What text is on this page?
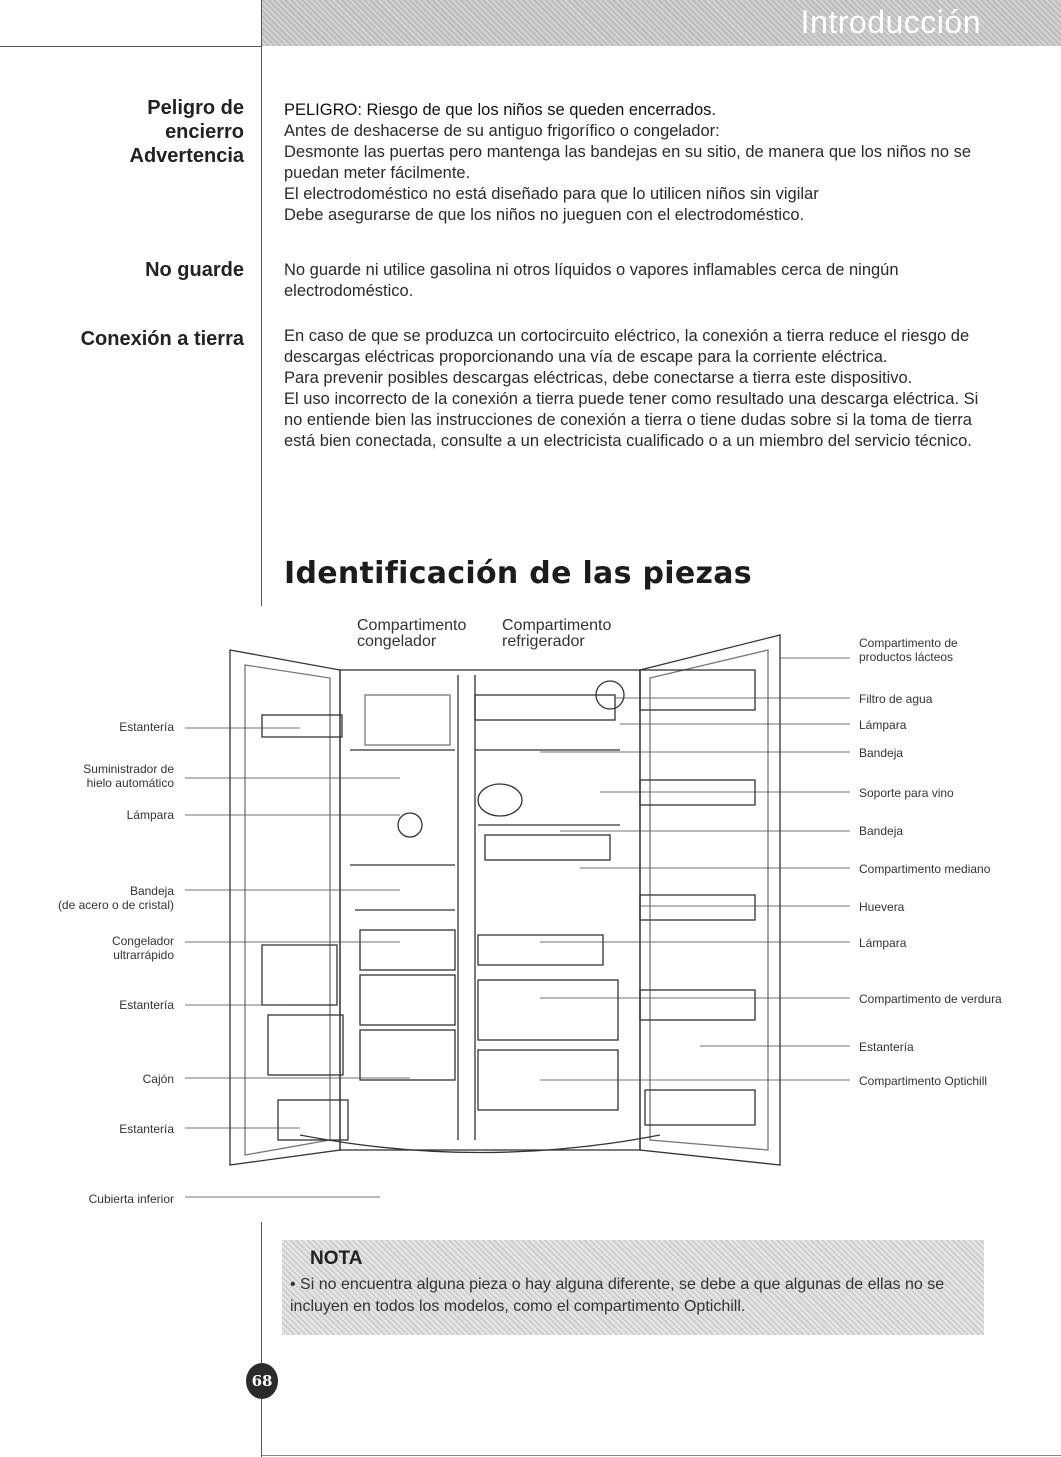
Introducción
Peligro de
encierro
Advertencia

PELIGRO: Riesgo de que los niños se queden encerrados.

Antes de deshacerse de su antiguo frigorífico o congelador:

Desmonte las puertas pero mantenga las bandejas en su sitio, de manera que los niños no se puedan meter fácilmente.

El electrodoméstico no está diseñado para que lo utilicen niños sin vigilar

Debe asegurarse de que los niños no jueguen con el electrodoméstico.

No guarde No guarde ni utilice gasolina ni otros líquidos o vapores inflamables cerca de ningún electrodoméstico.

Conexión a tierra En caso de que se produzca un cortocircuito eléctrico, la conexión a tierra reduce el riesgo de descargas eléctricas proporcionando una vía de escape para la corriente eléctrica.

Para prevenir posibles descargas eléctricas, debe conectarse a tierra este dispositivo.

El uso incorrecto de la conexión a tierra puede tener como resultado una descarga eléctrica. Si no entiende bien las instrucciones de conexión a tierra o tiene dudas sobre si la toma de tierra está bien conectada, consulte a un electricista cualificado o a un miembro del servicio técnico.

Identificación de las piezas
Compartimento
congelador
Compartimento
refrigerador
Estantería
Suministrador de
hielo automático
Lámpara
Bandeja
(de acero o de cristal)
Congelador
ultrarrápido
Estantería
Cajón
Estantería
Cubierta inferior
Compartimento de
productos lácteos
Filtro de agua
Lámpara
Bandeja
Soporte para vino
Bandeja
Compartimento mediano
Huevera
Lámpara
Compartimento de verdura
Estantería
Compartimento Optichill
NOTA
• Si no encuentra alguna pieza o hay alguna diferente, se debe a que algunas de ellas no se incluyen en todos los modelos, como el compartimento Optichill.
68
